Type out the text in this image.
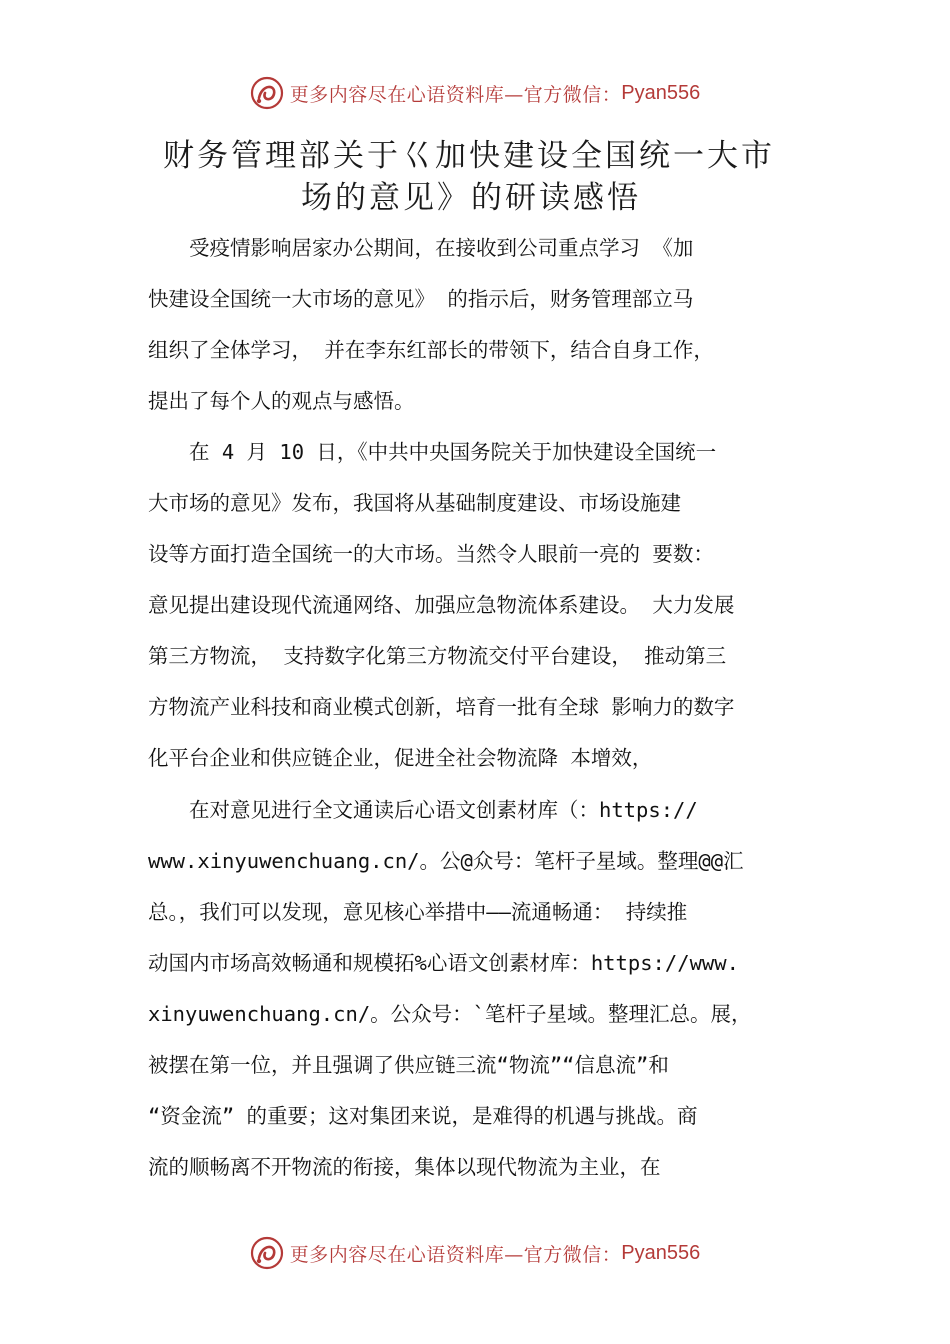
更多内容尽在心语资料库—官方微信： Pyan556
财务管理部关于巜加快建设全国统一大市
场的意见》的研读感悟
　　受疫情影响居家办公期间，在接收到公司重点学习 《加
快建设全国统一大市场的意见》 的指示后，财务管理部立马
组织了全体学习， 并在李东红部长的带领下，结合自身工作，
提出了每个人的观点与感悟。
　　在 4 月 10 日，《中共中央国务院关于加快建设全国统一
大市场的意见》发布，我国将从基础制度建设、市场设施建
设等方面打造全国统一的大市场。当然令人眼前一亮的 要数：
意见提出建设现代流通网络、加强应急物流体系建设。 大力发展
第三方物流， 支持数字化第三方物流交付平台建设， 推动第三
方物流产业科技和商业模式创新，培育一批有全球 影响力的数字
化平台企业和供应链企业，促进全社会物流降 本增效，
　　在对意见进行全文通读后心语文创素材库（：https://
www.xinyuwenchuang.cn/。公@众号：笔杆子星域。整理@@汇
总。，我们可以发现，意见核心举措中——流通畅通： 持续推
动国内市场高效畅通和规模拓%心语文创素材库：https://www.
xinyuwenchuang.cn/。公众号：`笔杆子星域。整理汇总。展，
被摆在第一位，并且强调了供应链三流“物流”“信息流”和
“资金流” 的重要；这对集团来说，是难得的机遇与挑战。商
流的顺畅离不开物流的衔接，集体以现代物流为主业，在
更多内容尽在心语资料库—官方微信： Pyan556
